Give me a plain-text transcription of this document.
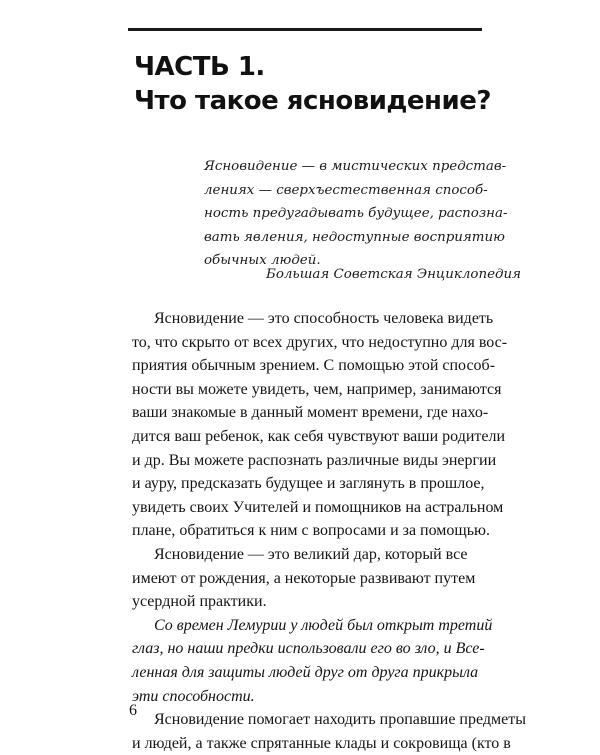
ЧАСТЬ 1.
Что такое ясновидение?
Ясновидение — в мистических представ-
лениях — сверхъестественная способ-
ность предугадывать будущее, распозна-
вать явления, недоступные восприятию
обычных людей.
Большая Советская Энциклопедия
Ясновидение — это способность человека видеть
то, что скрыто от всех других, что недоступно для вос-
приятия обычным зрением. С помощью этой способ-
ности вы можете увидеть, чем, например, занимаются
ваши знакомые в данный момент времени, где нахо-
дится ваш ребенок, как себя чувствуют ваши родители
и др. Вы можете распознать различные виды энергии
и ауру, предсказать будущее и заглянуть в прошлое,
увидеть своих Учителей и помощников на астральном
плане, обратиться к ним с вопросами и за помощью.
Ясновидение — это великий дар, который все
имеют от рождения, а некоторые развивают путем
усердной практики.
Со времен Лемурии у людей был открыт третий
глаз, но наши предки использовали его во зло, и Все-
ленная для защиты людей друг от друга прикрыла
эти способности.
Ясновидение помогает находить пропавшие предметы
и людей, а также спрятанные клады и сокровища (кто в
6
